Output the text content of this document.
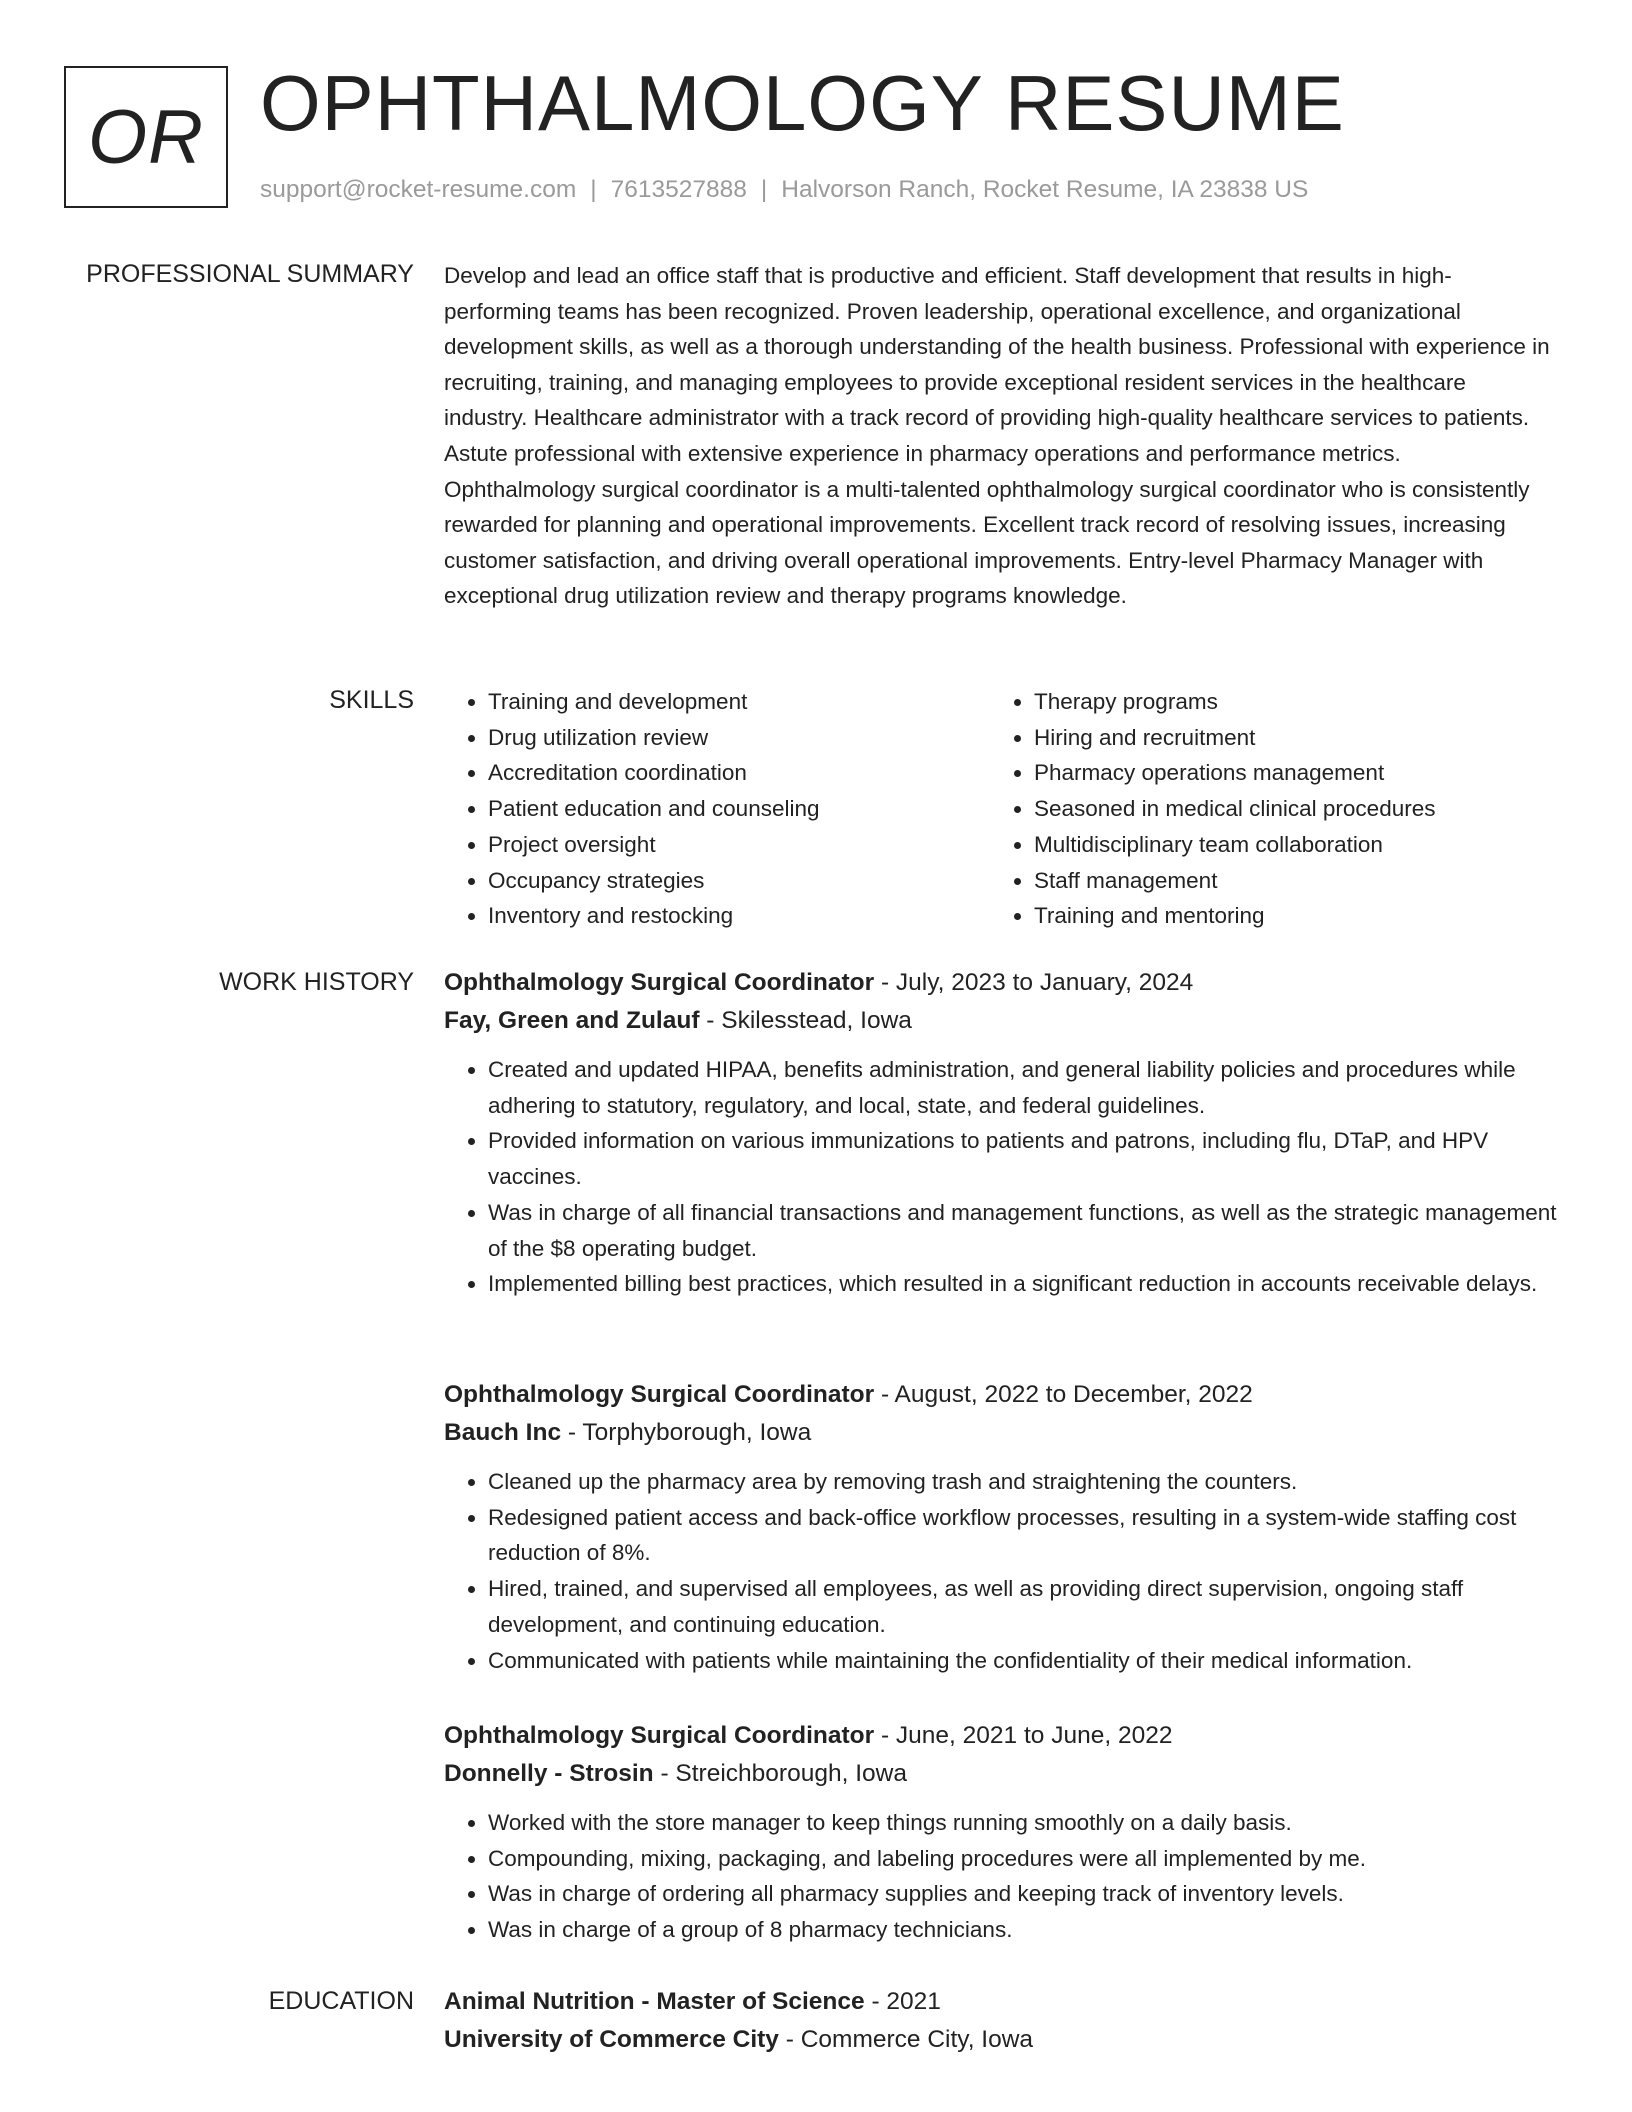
OR OPHTHALMOLOGY RESUME
support@rocket-resume.com | 7613527888 | Halvorson Ranch, Rocket Resume, IA 23838 US
PROFESSIONAL SUMMARY Develop and lead an office staff that is productive and efficient. Staff development that results in high-performing teams has been recognized. Proven leadership, operational excellence, and organizational development skills, as well as a thorough understanding of the health business. Professional with experience in recruiting, training, and managing employees to provide exceptional resident services in the healthcare industry. Healthcare administrator with a track record of providing high-quality healthcare services to patients. Astute professional with extensive experience in pharmacy operations and performance metrics. Ophthalmology surgical coordinator is a multi-talented ophthalmology surgical coordinator who is consistently rewarded for planning and operational improvements. Excellent track record of resolving issues, increasing customer satisfaction, and driving overall operational improvements. Entry-level Pharmacy Manager with exceptional drug utilization review and therapy programs knowledge.

SKILLS
•	Training and development
• Drug utilization review
• Accreditation coordination
• Patient education and counseling
• Project oversight
• Occupancy strategies
• Inventory and restocking
• Therapy programs
• Hiring and recruitment
• Pharmacy operations management
• Seasoned in medical clinical procedures
• Multidisciplinary team collaboration
• Staff management
• Training and mentoring
WORK HISTORY Ophthalmology Surgical Coordinator - July, 2023 to January, 2024
Fay, Green and Zulauf - Skilesstead, Iowa
• Created and updated HIPAA, benefits administration, and general liability policies and procedures while adhering to statutory, regulatory, and local, state, and federal guidelines.
• Provided information on various immunizations to patients and patrons, including flu, DTaP, and HPV vaccines.
• Was in charge of all financial transactions and management functions, as well as the strategic management of the $8 operating budget.
• Implemented billing best practices, which resulted in a significant reduction in accounts receivable delays.
Ophthalmology Surgical Coordinator - August, 2022 to December, 2022
Bauch Inc - Torphyborough, Iowa
• Cleaned up the pharmacy area by removing trash and straightening the counters.
• Redesigned patient access and back-office workflow processes, resulting in a system-wide staffing cost reduction of 8%.
• Hired, trained, and supervised all employees, as well as providing direct supervision, ongoing staff development, and continuing education.
• Communicated with patients while maintaining the confidentiality of their medical information.
Ophthalmology Surgical Coordinator - June, 2021 to June, 2022
Donnelly - Strosin - Streichborough, Iowa
• Worked with the store manager to keep things running smoothly on a daily basis.
• Compounding, mixing, packaging, and labeling procedures were all implemented by me.
• Was in charge of ordering all pharmacy supplies and keeping track of inventory levels.
• Was in charge of a group of 8 pharmacy technicians.
EDUCATION Animal Nutrition - Master of Science - 2021
University of Commerce City - Commerce City, Iowa
